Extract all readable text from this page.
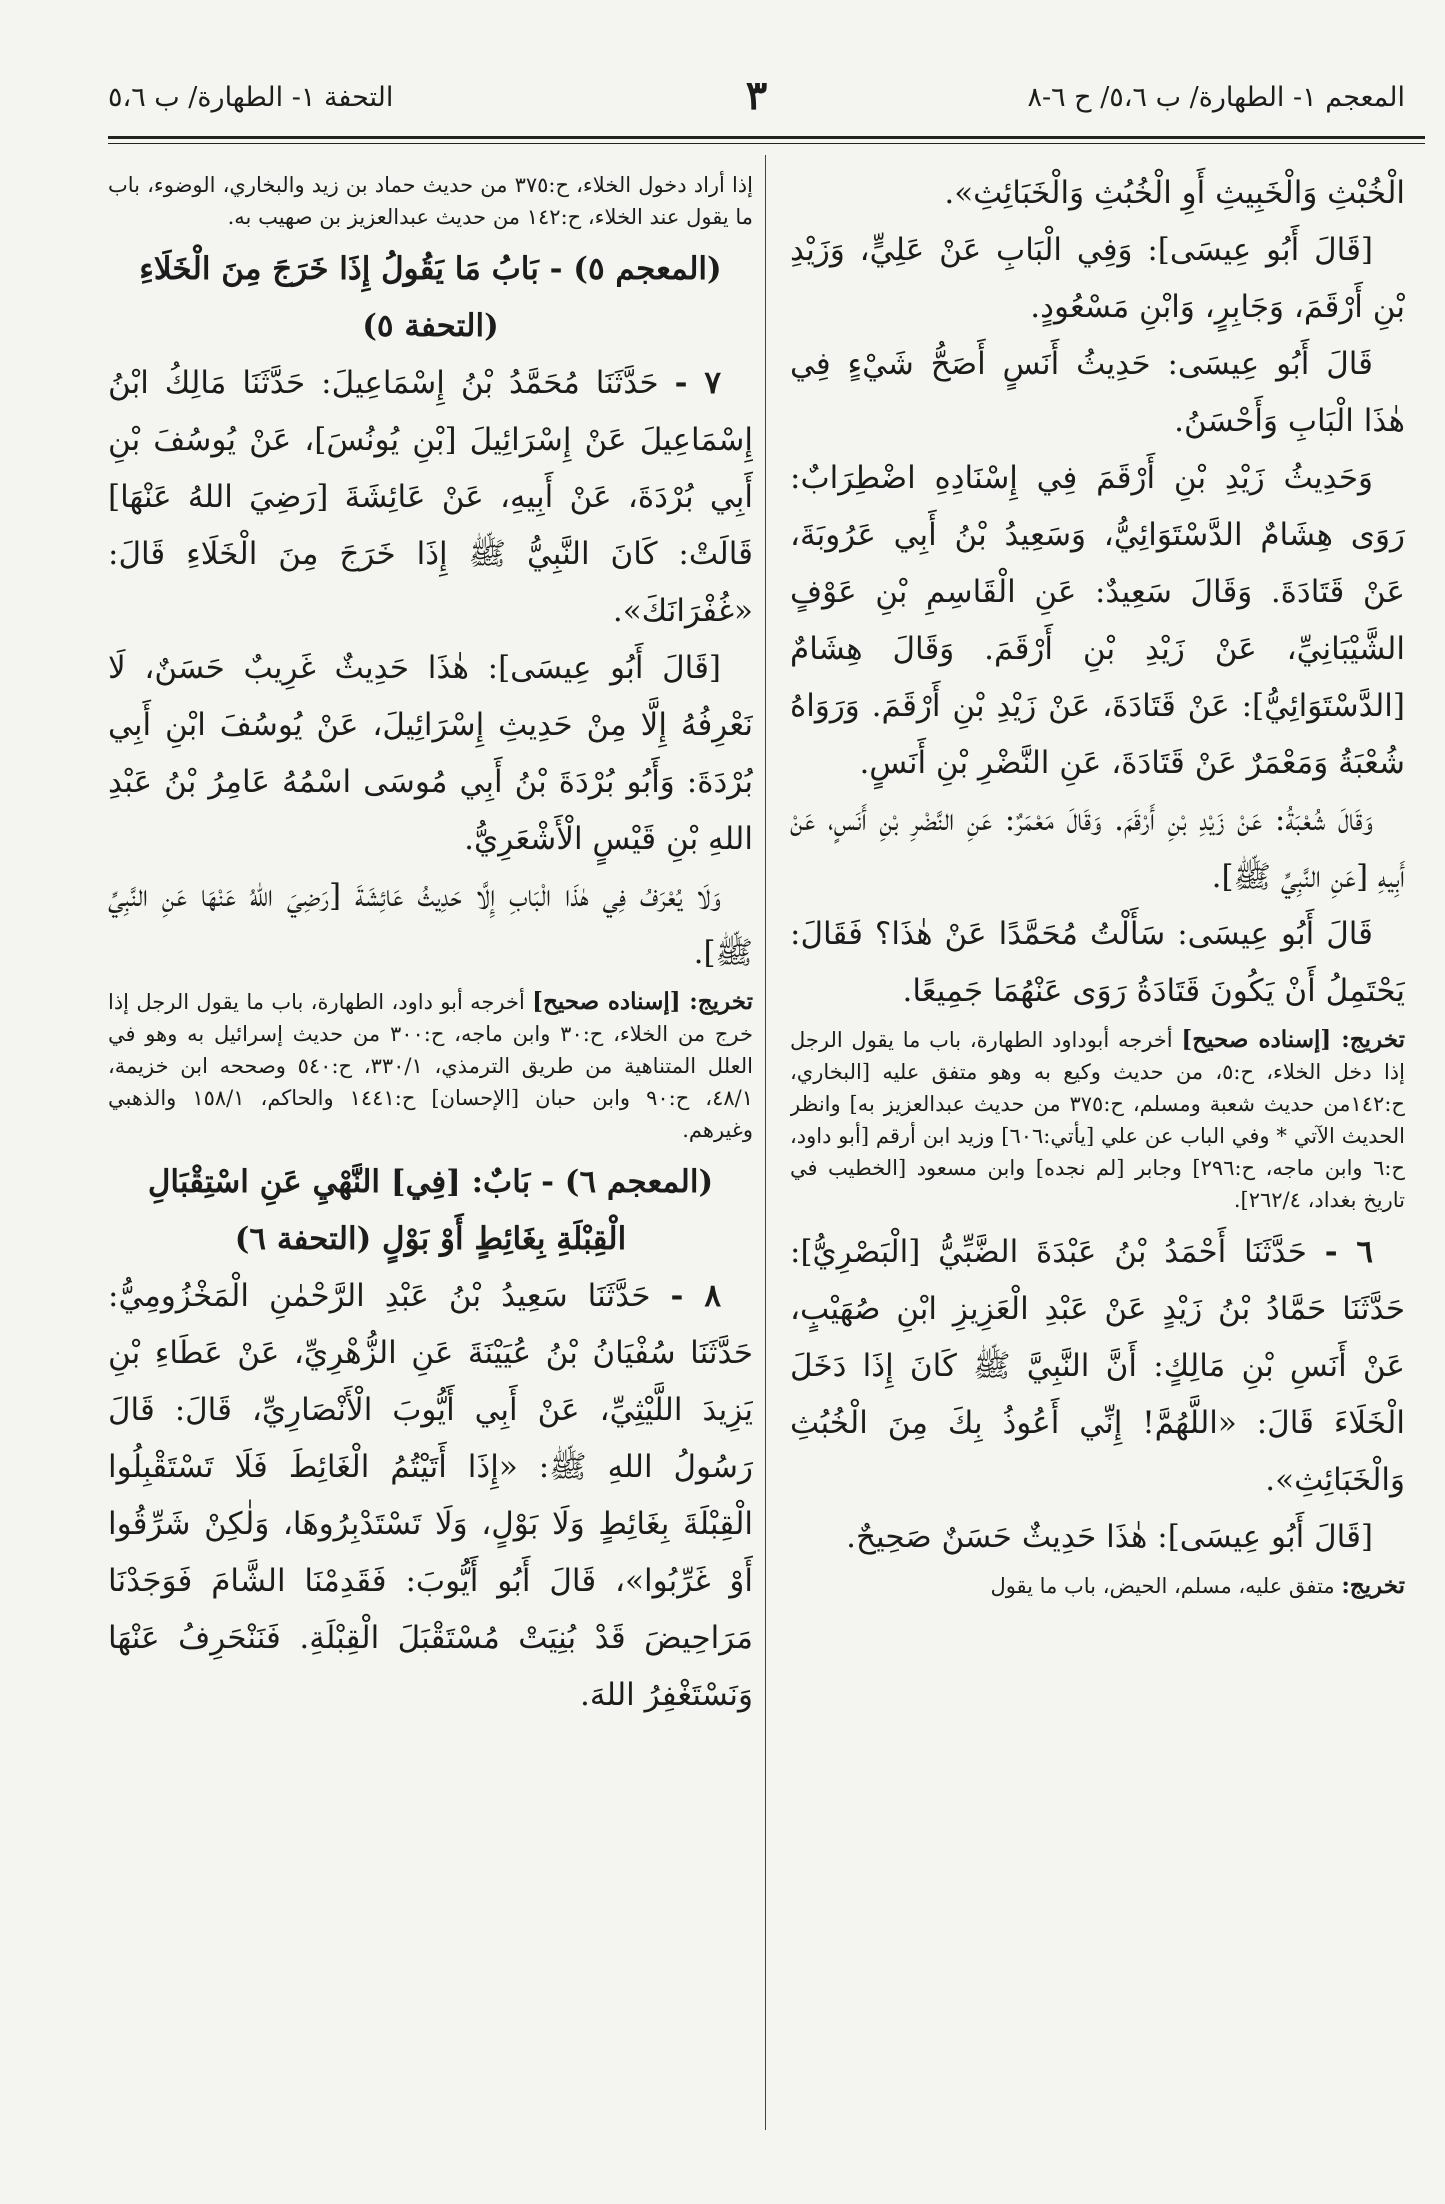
المعجم ١- الطهارة/ ب ٥،٦/ ح ٦-٨
٣
التحفة ١- الطهارة/ ب ٥،٦

الْخُبْثِ وَالْخَبِيثِ أَوِ الْخُبُثِ وَالْخَبَائِثِ».

[قَالَ أَبُو عِيسَى]: وَفِي الْبَابِ عَنْ عَلِيٍّ، وَزَيْدِ بْنِ أَرْقَمَ، وَجَابِرٍ، وَابْنِ مَسْعُودٍ.

قَالَ أَبُو عِيسَى: حَدِيثُ أَنَسٍ أَصَحُّ شَيْءٍ فِي هٰذَا الْبَابِ وَأَحْسَنُ.

وَحَدِيثُ زَيْدِ بْنِ أَرْقَمَ فِي إِسْنَادِهِ اضْطِرَابٌ: رَوَى هِشَامٌ الدَّسْتَوَائِيُّ، وَسَعِيدُ بْنُ أَبِي عَرُوبَةَ، عَنْ قَتَادَةَ. وَقَالَ سَعِيدٌ: عَنِ الْقَاسِمِ بْنِ عَوْفٍ الشَّيْبَانِيِّ، عَنْ زَيْدِ بْنِ أَرْقَمَ. وَقَالَ هِشَامٌ [الدَّسْتَوَائِيُّ]: عَنْ قَتَادَةَ، عَنْ زَيْدِ بْنِ أَرْقَمَ. وَرَوَاهُ شُعْبَةُ وَمَعْمَرٌ عَنْ قَتَادَةَ، عَنِ النَّضْرِ بْنِ أَنَسٍ.

وَقَالَ شُعْبَةُ: عَنْ زَيْدِ بْنِ أَرْقَمَ. وَقَالَ مَعْمَرٌ: عَنِ النَّضْرِ بْنِ أَنَسٍ، عَنْ أَبِيهِ [عَنِ النَّبِيِّ ﷺ].

قَالَ أَبُو عِيسَى: سَأَلْتُ مُحَمَّدًا عَنْ هٰذَا؟ فَقَالَ: يَحْتَمِلُ أَنْ يَكُونَ قَتَادَةُ رَوَى عَنْهُمَا جَمِيعًا.

تخريج: [إسناده صحيح] أخرجه أبوداود الطهارة، باب ما يقول الرجل إذا دخل الخلاء، ح:٥، من حديث وكيع به وهو متفق عليه [البخاري، ح:١٤٢من حديث شعبة ومسلم، ح:٣٧٥ من حديث عبدالعزيز به] وانظر الحديث الآتي * وفي الباب عن علي [يأتي:٦٠٦] وزيد ابن أرقم [أبو داود، ح:٦ وابن ماجه، ح:٢٩٦] وجابر [لم نجده] وابن مسعود [الخطيب في تاريخ بغداد، ٢٦٢/٤].

٦ - حَدَّثَنَا أَحْمَدُ بْنُ عَبْدَةَ الضَّبِّيُّ [الْبَصْرِيُّ]: حَدَّثَنَا حَمَّادُ بْنُ زَيْدٍ عَنْ عَبْدِ الْعَزِيزِ ابْنِ صُهَيْبٍ، عَنْ أَنَسِ بْنِ مَالِكٍ: أَنَّ النَّبِيَّ ﷺ كَانَ إِذَا دَخَلَ الْخَلَاءَ قَالَ: «اللَّهُمَّ! إِنِّي أَعُوذُ بِكَ مِنَ الْخُبُثِ وَالْخَبَائِثِ».

[قَالَ أَبُو عِيسَى]: هٰذَا حَدِيثٌ حَسَنٌ صَحِيحٌ.

تخريج: متفق عليه، مسلم، الحيض، باب ما يقول

إذا أراد دخول الخلاء، ح:٣٧٥ من حديث حماد بن زيد والبخاري، الوضوء، باب ما يقول عند الخلاء، ح:١٤٢ من حديث عبدالعزيز بن صهيب به.

(المعجم ٥) - بَابُ مَا يَقُولُ إِذَا خَرَجَ مِنَ الْخَلَاءِ (التحفة ٥)

٧ - حَدَّثَنَا مُحَمَّدُ بْنُ إِسْمَاعِيلَ: حَدَّثَنَا مَالِكُ ابْنُ إِسْمَاعِيلَ عَنْ إِسْرَائِيلَ [بْنِ يُونُسَ]، عَنْ يُوسُفَ بْنِ أَبِي بُرْدَةَ، عَنْ أَبِيهِ، عَنْ عَائِشَةَ [رَضِيَ اللهُ عَنْهَا] قَالَتْ: كَانَ النَّبِيُّ ﷺ إِذَا خَرَجَ مِنَ الْخَلَاءِ قَالَ: «غُفْرَانَكَ».

[قَالَ أَبُو عِيسَى]: هٰذَا حَدِيثٌ غَرِيبٌ حَسَنٌ، لَا نَعْرِفُهُ إِلَّا مِنْ حَدِيثِ إِسْرَائِيلَ، عَنْ يُوسُفَ ابْنِ أَبِي بُرْدَةَ: وَأَبُو بُرْدَةَ بْنُ أَبِي مُوسَى اسْمُهُ عَامِرُ بْنُ عَبْدِ اللهِ بْنِ قَيْسٍ الْأَشْعَرِيُّ.

وَلَا يُعْرَفُ فِي هٰذَا الْبَابِ إِلَّا حَدِيثُ عَائِشَةَ [رَضِيَ اللهُ عَنْهَا عَنِ النَّبِيِّ ﷺ].

تخريج: [إسناده صحيح] أخرجه أبو داود، الطهارة، باب ما يقول الرجل إذا خرج من الخلاء، ح:٣٠ وابن ماجه، ح:٣٠٠ من حديث إسرائيل به وهو في العلل المتناهية من طريق الترمذي، ٣٣٠/١، ح:٥٤٠ وصححه ابن خزيمة، ٤٨/١، ح:٩٠ وابن حبان [الإحسان] ح:١٤٤١ والحاكم، ١٥٨/١ والذهبي وغيرهم.

(المعجم ٦) - بَابٌ: [فِي] النَّهْيِ عَنِ اسْتِقْبَالِ الْقِبْلَةِ بِغَائِطٍ أَوْ بَوْلٍ (التحفة ٦)

٨ - حَدَّثَنَا سَعِيدُ بْنُ عَبْدِ الرَّحْمٰنِ الْمَخْزُومِيُّ: حَدَّثَنَا سُفْيَانُ بْنُ عُيَيْنَةَ عَنِ الزُّهْرِيِّ، عَنْ عَطَاءِ بْنِ يَزِيدَ اللَّيْثِيِّ، عَنْ أَبِي أَيُّوبَ الْأَنْصَارِيِّ، قَالَ: قَالَ رَسُولُ اللهِ ﷺ: «إِذَا أَتَيْتُمُ الْغَائِطَ فَلَا تَسْتَقْبِلُوا الْقِبْلَةَ بِغَائِطٍ وَلَا بَوْلٍ، وَلَا تَسْتَدْبِرُوهَا، وَلٰكِنْ شَرِّقُوا أَوْ غَرِّبُوا»، قَالَ أَبُو أَيُّوبَ: فَقَدِمْنَا الشَّامَ فَوَجَدْنَا مَرَاحِيضَ قَدْ بُنِيَتْ مُسْتَقْبَلَ الْقِبْلَةِ. فَنَنْحَرِفُ عَنْهَا وَنَسْتَغْفِرُ اللهَ.
